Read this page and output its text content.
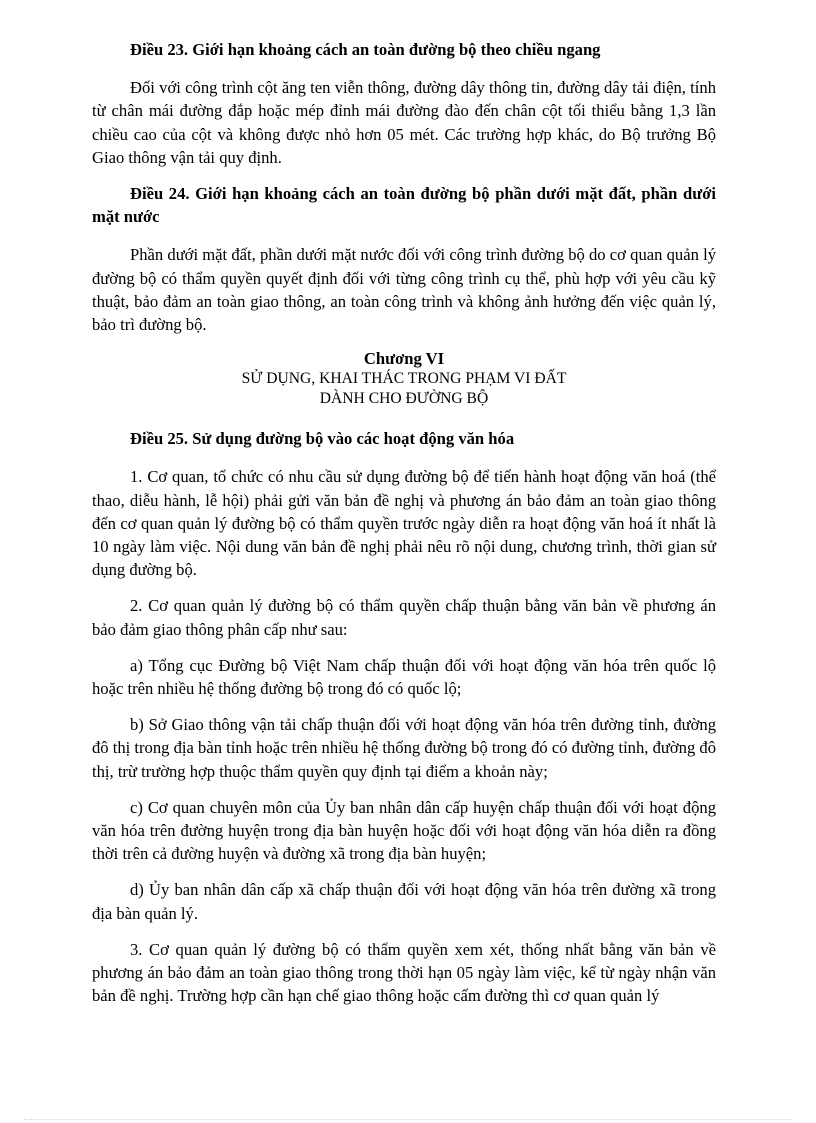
Điều 23. Giới hạn khoảng cách an toàn đường bộ theo chiều ngang

Đối với công trình cột ăng ten viễn thông, đường dây thông tin, đường dây tải điện, tính từ chân mái đường đắp hoặc mép đỉnh mái đường đào đến chân cột tối thiểu bằng 1,3 lần chiều cao của cột và không được nhỏ hơn 05 mét. Các trường hợp khác, do Bộ trưởng Bộ Giao thông vận tải quy định.

Điều 24. Giới hạn khoảng cách an toàn đường bộ phần dưới mặt đất, phần dưới mặt nước

Phần dưới mặt đất, phần dưới mặt nước đối với công trình đường bộ do cơ quan quản lý đường bộ có thẩm quyền quyết định đối với từng công trình cụ thể, phù hợp với yêu cầu kỹ thuật, bảo đảm an toàn giao thông, an toàn công trình và không ảnh hưởng đến việc quản lý, bảo trì đường bộ.

Chương VI
SỬ DỤNG, KHAI THÁC TRONG PHẠM VI ĐẤT
DÀNH CHO ĐƯỜNG BỘ

Điều 25. Sử dụng đường bộ vào các hoạt động văn hóa

1. Cơ quan, tổ chức có nhu cầu sử dụng đường bộ để tiến hành hoạt động văn hoá (thể thao, diễu hành, lễ hội) phải gửi văn bản đề nghị và phương án bảo đảm an toàn giao thông đến cơ quan quản lý đường bộ có thẩm quyền trước ngày diễn ra hoạt động văn hoá ít nhất là 10 ngày làm việc. Nội dung văn bản đề nghị phải nêu rõ nội dung, chương trình, thời gian sử dụng đường bộ.

2. Cơ quan quản lý đường bộ có thẩm quyền chấp thuận bằng văn bản về phương án bảo đảm giao thông phân cấp như sau:

a) Tổng cục Đường bộ Việt Nam chấp thuận đối với hoạt động văn hóa trên quốc lộ hoặc trên nhiều hệ thống đường bộ trong đó có quốc lộ;

b) Sở Giao thông vận tải chấp thuận đối với hoạt động văn hóa trên đường tỉnh, đường đô thị trong địa bàn tỉnh hoặc trên nhiều hệ thống đường bộ trong đó có đường tỉnh, đường đô thị, trừ trường hợp thuộc thẩm quyền quy định tại điểm a khoản này;

c) Cơ quan chuyên môn của Ủy ban nhân dân cấp huyện chấp thuận đối với hoạt động văn hóa trên đường huyện trong địa bàn huyện hoặc đối với hoạt động văn hóa diễn ra đồng thời trên cả đường huyện và đường xã trong địa bàn huyện;

d) Ủy ban nhân dân cấp xã chấp thuận đối với hoạt động văn hóa trên đường xã trong địa bàn quản lý.

3. Cơ quan quản lý đường bộ có thẩm quyền xem xét, thống nhất bằng văn bản về phương án bảo đảm an toàn giao thông trong thời hạn 05 ngày làm việc, kể từ ngày nhận văn bản đề nghị. Trường hợp cần hạn chế giao thông hoặc cấm đường thì cơ quan quản lý
